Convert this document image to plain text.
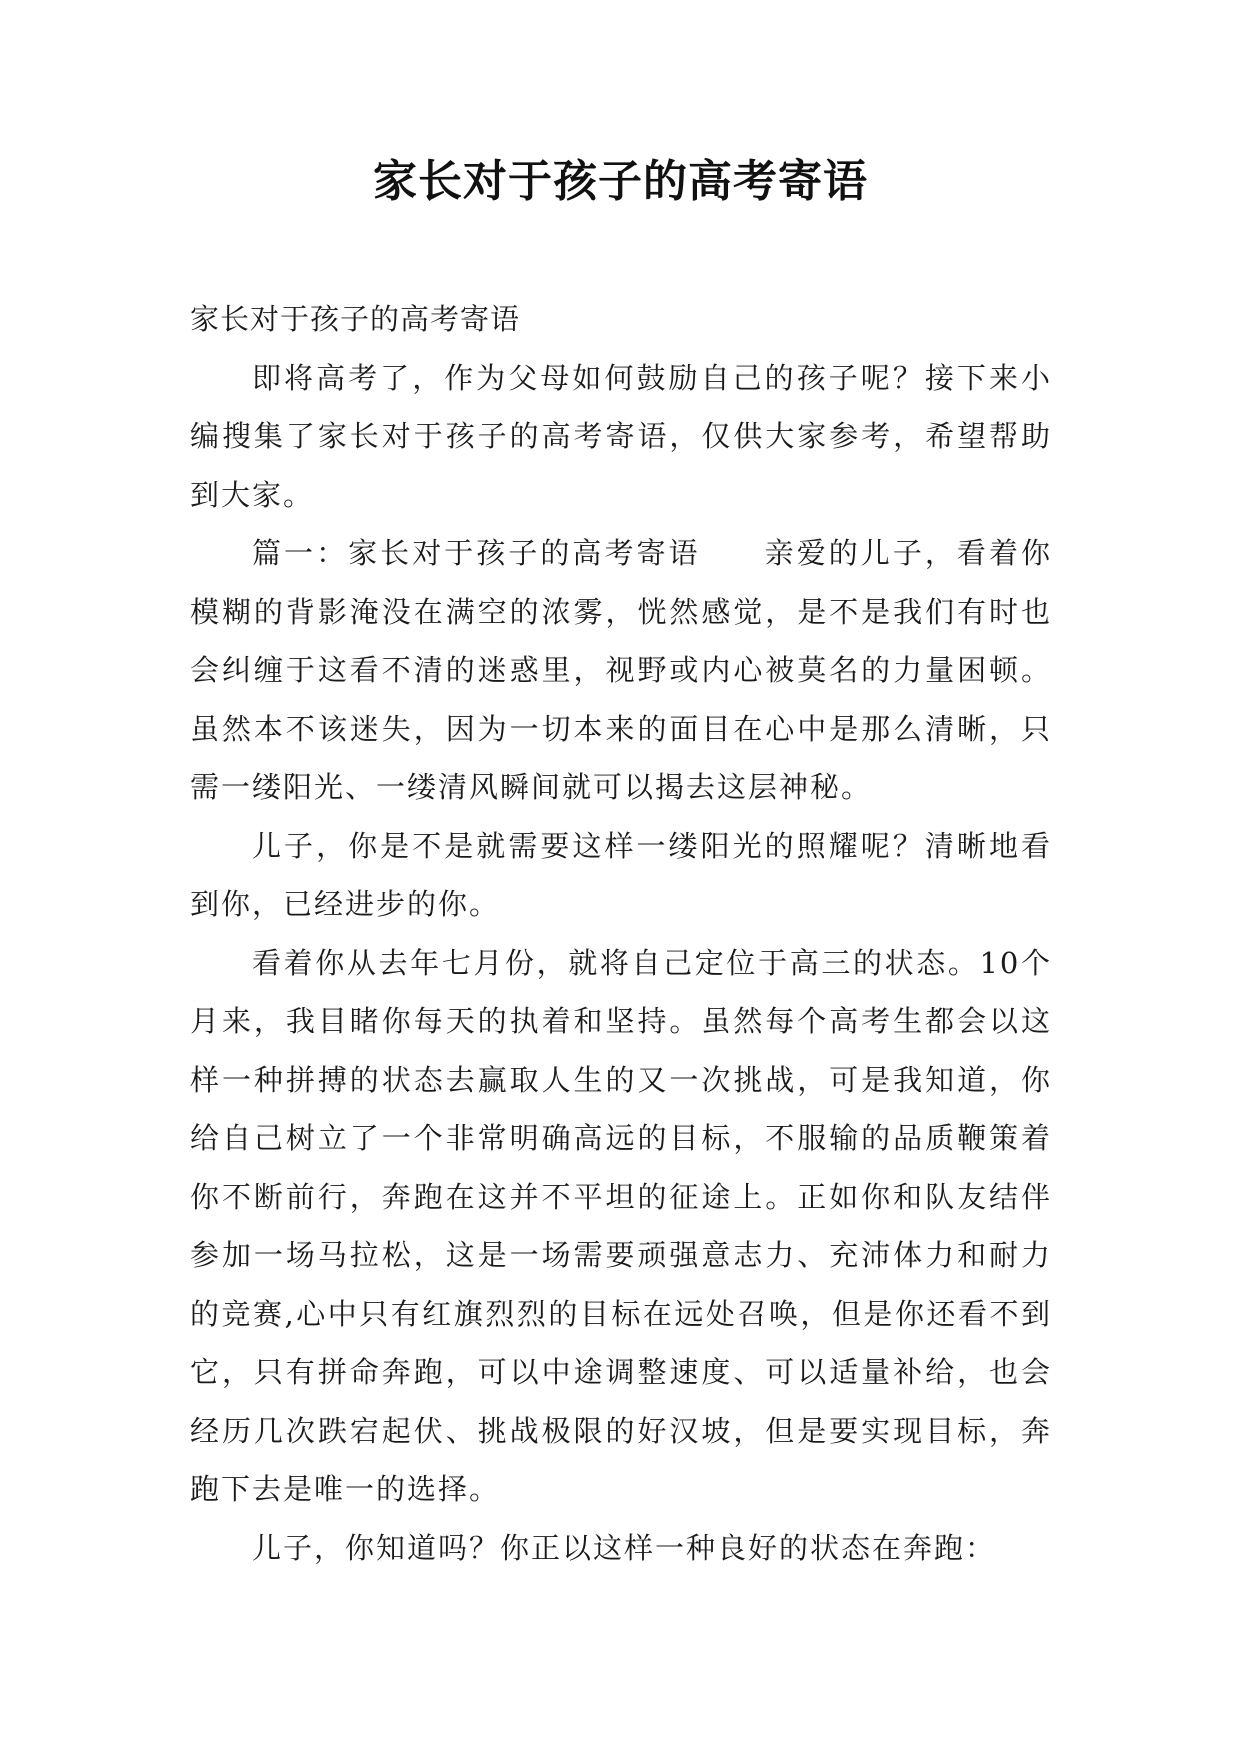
家长对于孩子的高考寄语

家长对于孩子的高考寄语

即将高考了，作为父母如何鼓励自己的孩子呢？接下来小编搜集了家长对于孩子的高考寄语，仅供大家参考，希望帮助到大家。

篇一：家长对于孩子的高考寄语　　亲爱的儿子，看着你模糊的背影淹没在满空的浓雾，恍然感觉，是不是我们有时也会纠缠于这看不清的迷惑里，视野或内心被莫名的力量困顿。虽然本不该迷失，因为一切本来的面目在心中是那么清晰，只需一缕阳光、一缕清风瞬间就可以揭去这层神秘。

儿子，你是不是就需要这样一缕阳光的照耀呢？清晰地看到你，已经进步的你。

看着你从去年七月份，就将自己定位于高三的状态。10个月来，我目睹你每天的执着和坚持。虽然每个高考生都会以这样一种拼搏的状态去赢取人生的又一次挑战，可是我知道，你给自己树立了一个非常明确高远的目标，不服输的品质鞭策着你不断前行，奔跑在这并不平坦的征途上。正如你和队友结伴参加一场马拉松，这是一场需要顽强意志力、充沛体力和耐力的竞赛,心中只有红旗烈烈的目标在远处召唤，但是你还看不到它，只有拼命奔跑，可以中途调整速度、可以适量补给，也会经历几次跌宕起伏、挑战极限的好汉坡，但是要实现目标，奔跑下去是唯一的选择。

儿子，你知道吗？你正以这样一种良好的状态在奔跑：
